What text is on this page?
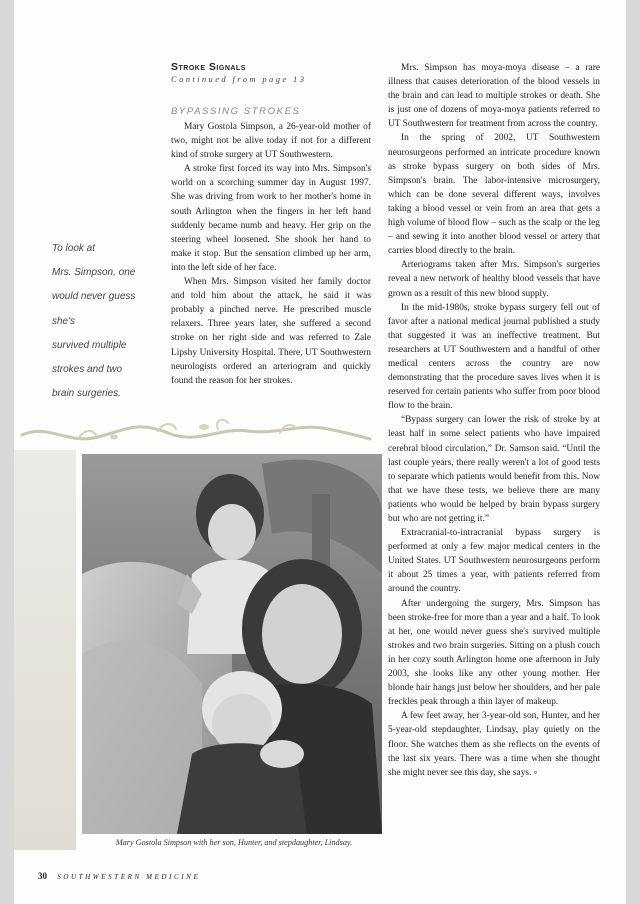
Stroke Signals
Continued from page 13
BYPASSING STROKES

Mary Gostola Simpson, a 26-year-old mother of two, might not be alive today if not for a different kind of stroke surgery at UT Southwestern.

A stroke first forced its way into Mrs. Simpson's world on a scorching summer day in August 1997. She was driving from work to her mother's home in south Arlington when the fingers in her left hand suddenly became numb and heavy. Her grip on the steering wheel loosened. She shook her hand to make it stop. But the sensation climbed up her arm, into the left side of her face.

When Mrs. Simpson visited her family doctor and told him about the attack, he said it was probably a pinched nerve. He prescribed muscle relaxers. Three years later, she suffered a second stroke on her right side and was referred to Zale Lipshy University Hospital. There, UT Southwestern neurologists ordered an arteriogram and quickly found the reason for her strokes.

Mrs. Simpson has moya-moya disease – a rare illness that causes deterioration of the blood vessels in the brain and can lead to multiple strokes or death. She is just one of dozens of moya-moya patients referred to UT Southwestern for treatment from across the country.

In the spring of 2002, UT Southwestern neurosurgeons performed an intricate procedure known as stroke bypass surgery on both sides of Mrs. Simpson's brain. The labor-intensive microsurgery, which can be done several different ways, involves taking a blood vessel or vein from an area that gets a high volume of blood flow – such as the scalp or the leg – and sewing it into another blood vessel or artery that carries blood directly to the brain.

Arteriograms taken after Mrs. Simpson's surgeries reveal a new network of healthy blood vessels that have grown as a result of this new blood supply.

In the mid-1980s, stroke bypass surgery fell out of favor after a national medical journal published a study that suggested it was an ineffective treatment. But researchers at UT Southwestern and a handful of other medical centers across the country are now demonstrating that the procedure saves lives when it is reserved for certain patients who suffer from poor blood flow to the brain.

“Bypass surgery can lower the risk of stroke by at least half in some select patients who have impaired cerebral blood circulation,” Dr. Samson said. “Until the last couple years, there really weren't a lot of good tests to separate which patients would benefit from this. Now that we have these tests, we believe there are many patients who would be helped by brain bypass surgery but who are not getting it.”

Extracranial-to-intracranial bypass surgery is performed at only a few major medical centers in the United States. UT Southwestern neurosurgeons perform it about 25 times a year, with patients referred from around the country.

After undergoing the surgery, Mrs. Simpson has been stroke-free for more than a year and a half. To look at her, one would never guess she's survived multiple strokes and two brain surgeries. Sitting on a plush couch in her cozy south Arlington home one afternoon in July 2003, she looks like any other young mother. Her blonde hair hangs just below her shoulders, and her pale freckles peak through a thin layer of makeup.

A few feet away, her 3-year-old son, Hunter, and her 5-year-old stepdaughter, Lindsay, play quietly on the floor. She watches them as she reflects on the events of the last six years. There was a time when she thought she might never see this day, she says. ▫

To look at
Mrs. Simpson, one
would never guess
she's
survived multiple
strokes and two
brain surgeries.
Mary Gostola Simpson with her son, Hunter, and stepdaughter, Lindsay.
30 SOUTHWESTERN MEDICINE
